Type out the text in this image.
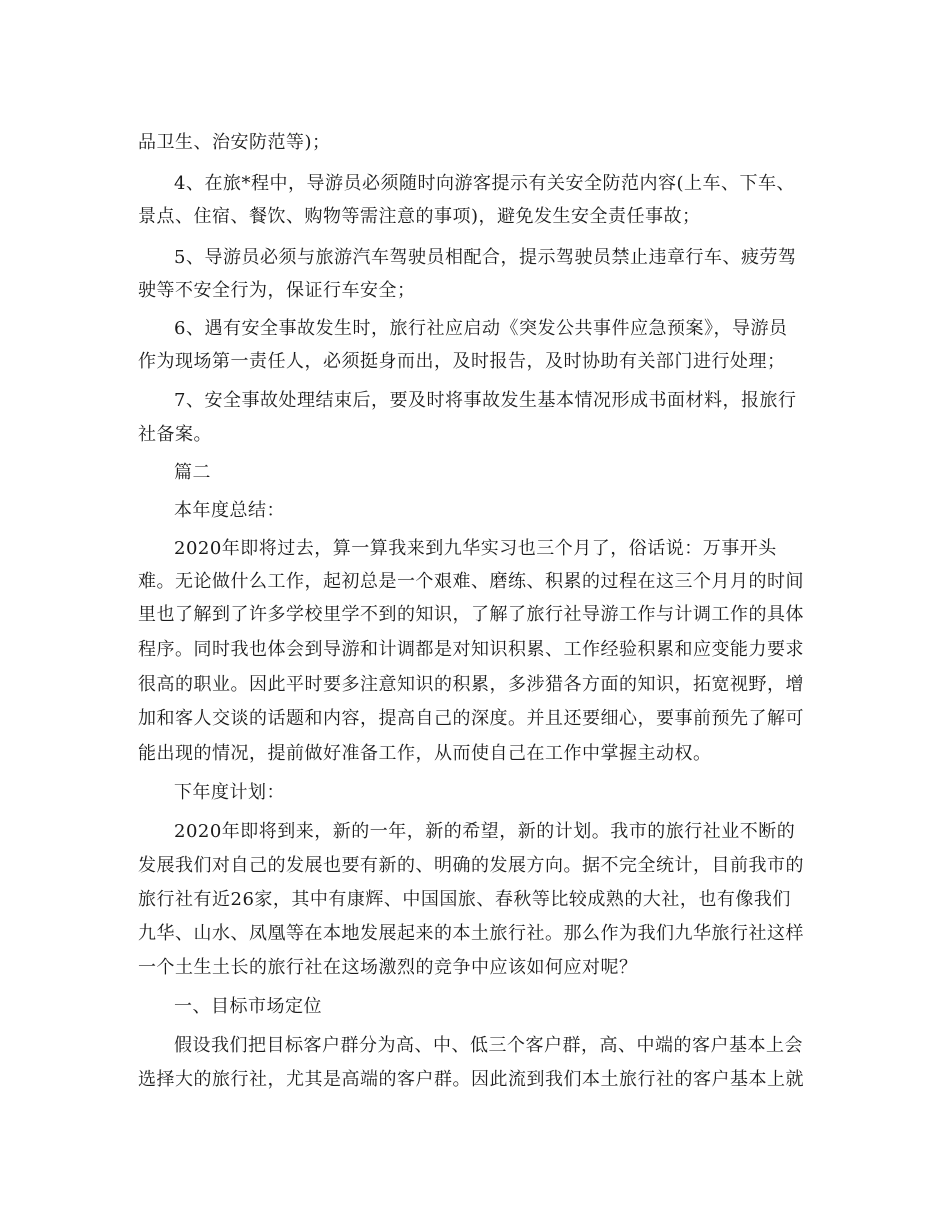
品卫生、治安防范等)；
4、在旅*程中，导游员必须随时向游客提示有关安全防范内容(上车、下车、
景点、住宿、餐饮、购物等需注意的事项)，避免发生安全责任事故；
5、导游员必须与旅游汽车驾驶员相配合，提示驾驶员禁止违章行车、疲劳驾
驶等不安全行为，保证行车安全；
6、遇有安全事故发生时，旅行社应启动《突发公共事件应急预案》，导游员
作为现场第一责任人，必须挺身而出，及时报告，及时协助有关部门进行处理；
7、安全事故处理结束后，要及时将事故发生基本情况形成书面材料，报旅行
社备案。
篇二
本年度总结：
2020年即将过去，算一算我来到九华实习也三个月了，俗话说：万事开头
难。无论做什么工作，起初总是一个艰难、磨练、积累的过程在这三个月月的时间
里也了解到了许多学校里学不到的知识，了解了旅行社导游工作与计调工作的具体
程序。同时我也体会到导游和计调都是对知识积累、工作经验积累和应变能力要求
很高的职业。因此平时要多注意知识的积累，多涉猎各方面的知识，拓宽视野，增
加和客人交谈的话题和内容，提高自己的深度。并且还要细心，要事前预先了解可
能出现的情况，提前做好准备工作，从而使自己在工作中掌握主动权。
下年度计划：
2020年即将到来，新的一年，新的希望，新的计划。我市的旅行社业不断的
发展我们对自己的发展也要有新的、明确的发展方向。据不完全统计，目前我市的
旅行社有近26家，其中有康辉、中国国旅、春秋等比较成熟的大社，也有像我们
九华、山水、凤凰等在本地发展起来的本土旅行社。那么作为我们九华旅行社这样
一个土生土长的旅行社在这场激烈的竞争中应该如何应对呢？
一、目标市场定位
假设我们把目标客户群分为高、中、低三个客户群，高、中端的客户基本上会
选择大的旅行社，尤其是高端的客户群。因此流到我们本土旅行社的客户基本上就
